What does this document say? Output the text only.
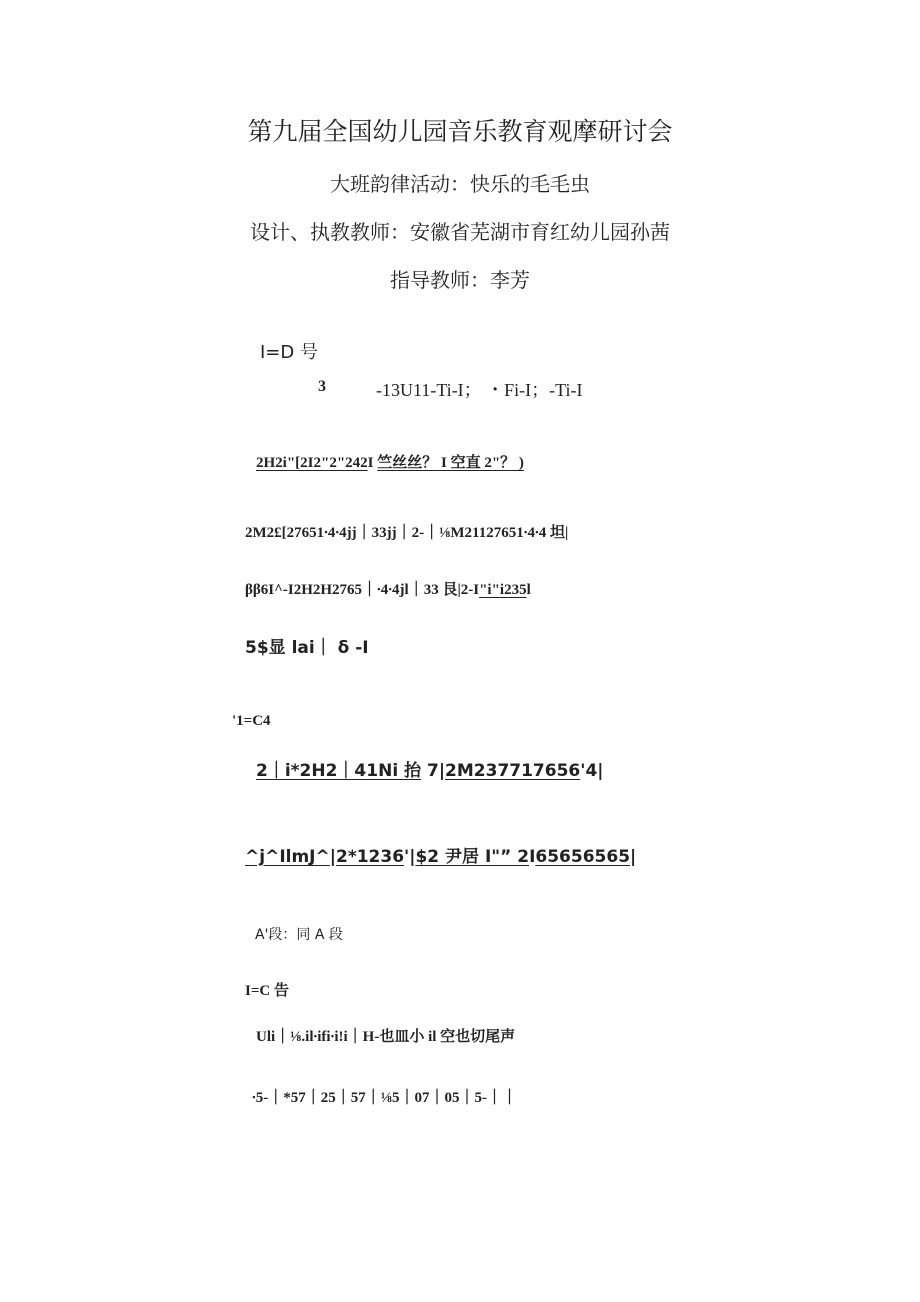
第九届全国幼儿园音乐教育观摩研讨会
大班韵律活动：快乐的毛毛虫
设计、执教教师：安徽省芜湖市育红幼儿园孙茜
指导教师：李芳
I=D 号
3	-13U11-Ti-I； ・Fi-I；-Ti-I
2H2i"[2I2"2"242I 竺丝丝？ I 空直 2"？ )
2M2£[27651∙4∙4jj｜33jj｜2-｜⅛M21127651∙4∙4 坦|
ββ6I^-I2H2H2765｜∙4∙4jl｜33 艮|2-I"i"i235l
5$显 lai｜ δ -I
'1=C4
2｜i*2H2｜41Ni 抬 7|2M237717656'4|
^j^IlmJ^|2*1236'|$2 尹居 I"” 2I65656565|
A'段：同 A 段
I=C 告
Uli｜⅛.il∙ifi∙i!i｜H-也皿小 il 空也切尾声
∙5-｜*57｜25｜57｜⅛5｜07｜05｜5-｜｜
